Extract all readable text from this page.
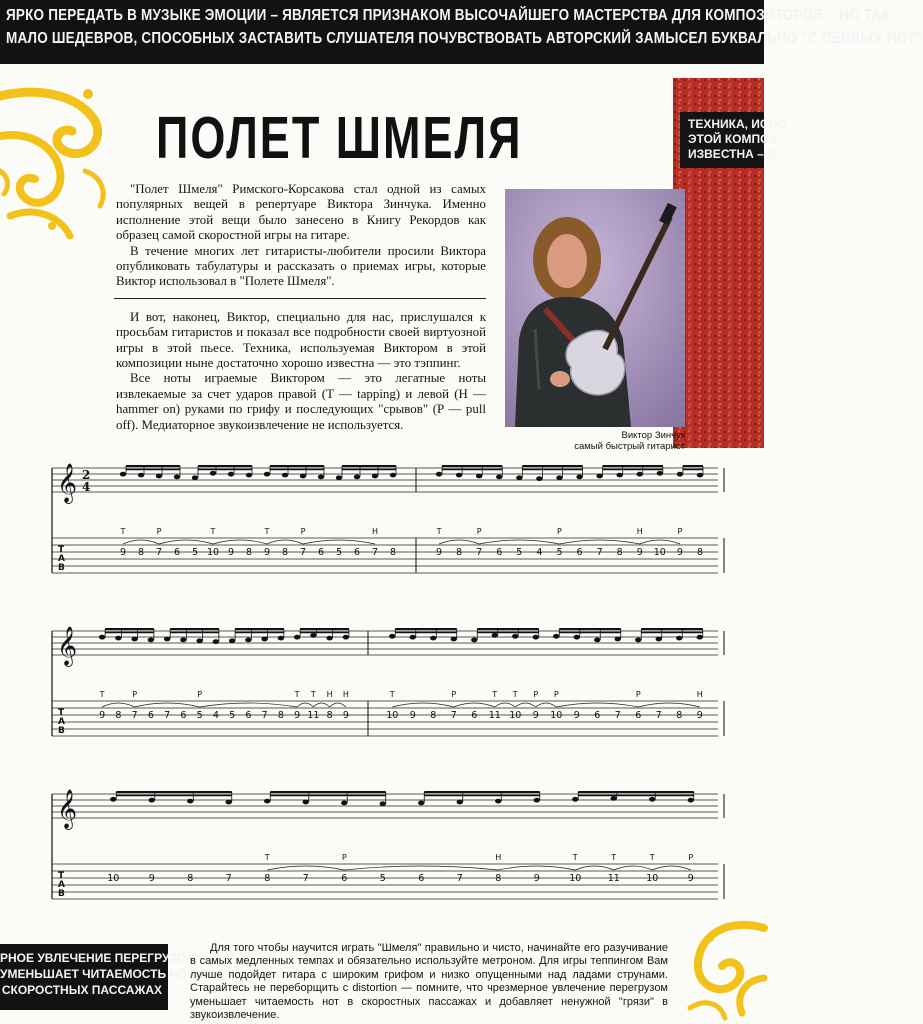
ЯРКО ПЕРЕДАТЬ В МУЗЫКЕ ЭМОЦИИ – ЯВЛЯЕТСЯ ПРИЗНАКОМ ВЫСОЧАЙШЕГО МАСТЕРСТВА ДЛЯ КОМПОЗИТОРОВ... НО ТАК
МАЛО ШЕДЕВРОВ, СПОСОБНЫХ ЗАСТАВИТЬ СЛУШАТЕЛЯ ПОЧУВСТВОВАТЬ АВТОРСКИЙ ЗАМЫСЕЛ БУКВАЛЬНО "С ПЕРВЫХ НОТ"
ТЕХНИКА, ИСПО
ЭТОЙ КОМПОЗ
ИЗВЕСТНА – Э
ПОЛЕТ ШМЕЛЯ

"Полет Шмеля" Римского-Корсакова стал одной из самых популярных вещей в репертуаре Виктора Зинчука. Именно исполнение этой вещи было занесено в Книгу Рекордов как образец самой скоростной игры на гитаре.

В течение многих лет гитаристы-любители просили Виктора опубликовать табулатуры и рассказать о приемах игры, которые Виктор использовал в "Полете Шмеля".

И вот, наконец, Виктор, специально для нас, прислушался к просьбам гитаристов и показал все подробности своей виртуозной игры в этой пьесе. Техника, используемая Виктором в этой композиции ныне достаточно хорошо известна — это тэппинг.

Все ноты играемые Виктором — это легатные ноты извлекаемые за счет ударов правой (T — tapping) и левой (H — hammer on) руками по грифу и последующих "срывов" (P — pull off). Медиаторное звукоизвлечение не используется.

Виктор Зинчук
самый быстрый гитарист
𝄞 2
4
T
A
B
9 8 7 6 5 10 9 8 9 8 7 6 5 6 7 8
T	P	T	T	P	H
9 8 7 6 5 4 5 6 7 8 9 10 9 8
T	P	P	H	P
𝄞
T
A
B
9 8 7 6 7 6 5 4 5 6 7 8 9 11 8 9
T	P	P	T T H H
10 9 8 7 6 11 10 9 10 9 6 7 6 7 8 9
T	P	T T P P	P	H
𝄞
T
A
B
10	9	8	7	8	7	6	5	6	7	8	9	10	11	10	9
T	P	H	T	T	T	P
РНОЕ УВЛЕЧЕНИЕ ПЕРЕГРУЗОМ
УМЕНЬШАЕТ ЧИТАЕМОСТЬ НОТ В
СКОРОСТНЫХ ПАССАЖАХ
Для того чтобы научится играть "Шмеля" правильно и чисто, начинайте его разучивание в самых медленных темпах и обязательно используйте метроном. Для игры теппингом Вам лучше подойдет гитара с широким грифом и низко опущенными над ладами струнами. Старайтесь не переборщить с distortion — помните, что чрезмерное увлечение перегрузом уменьшает читаемость нот в скоростных пассажах и добавляет ненужной "грязи" в звукоизвлечение.
